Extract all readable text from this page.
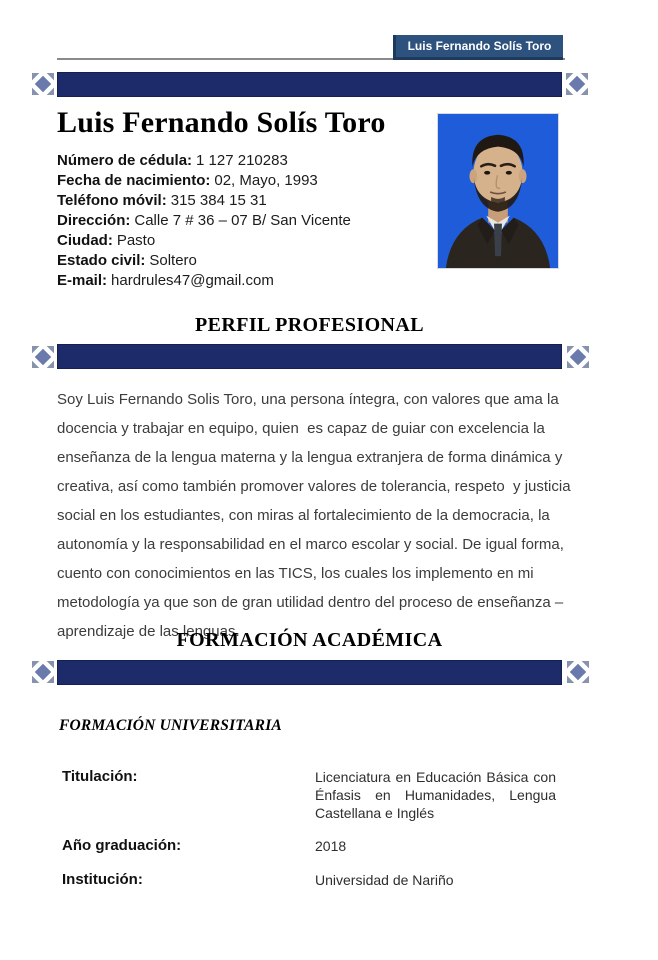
Luis Fernando Solís Toro
Luis Fernando Solís Toro
Número de cédula: 1 127 210283
Fecha de nacimiento: 02, Mayo, 1993
Teléfono móvil: 315 384 15 31
Dirección: Calle 7 # 36 – 07 B/ San Vicente
Ciudad: Pasto
Estado civil: Soltero
E-mail: hardrules47@gmail.com
PERFIL PROFESIONAL
Soy Luis Fernando Solis Toro, una persona íntegra, con valores que ama la docencia y trabajar en equipo, quien  es capaz de guiar con excelencia la enseñanza de la lengua materna y la lengua extranjera de forma dinámica y creativa, así como también promover valores de tolerancia, respeto  y justicia social en los estudiantes, con miras al fortalecimiento de la democracia, la autonomía y la responsabilidad en el marco escolar y social. De igual forma, cuento con conocimientos en las TICS, los cuales los implemento en mi metodología ya que son de gran utilidad dentro del proceso de enseñanza – aprendizaje de las lenguas.
FORMACIÓN ACADÉMICA
FORMACIÓN UNIVERSITARIA
Titulación:	Licenciatura en Educación Básica con Énfasis en Humanidades, Lengua Castellana e Inglés
Año graduación:	2018
Institución:	Universidad de Nariño
